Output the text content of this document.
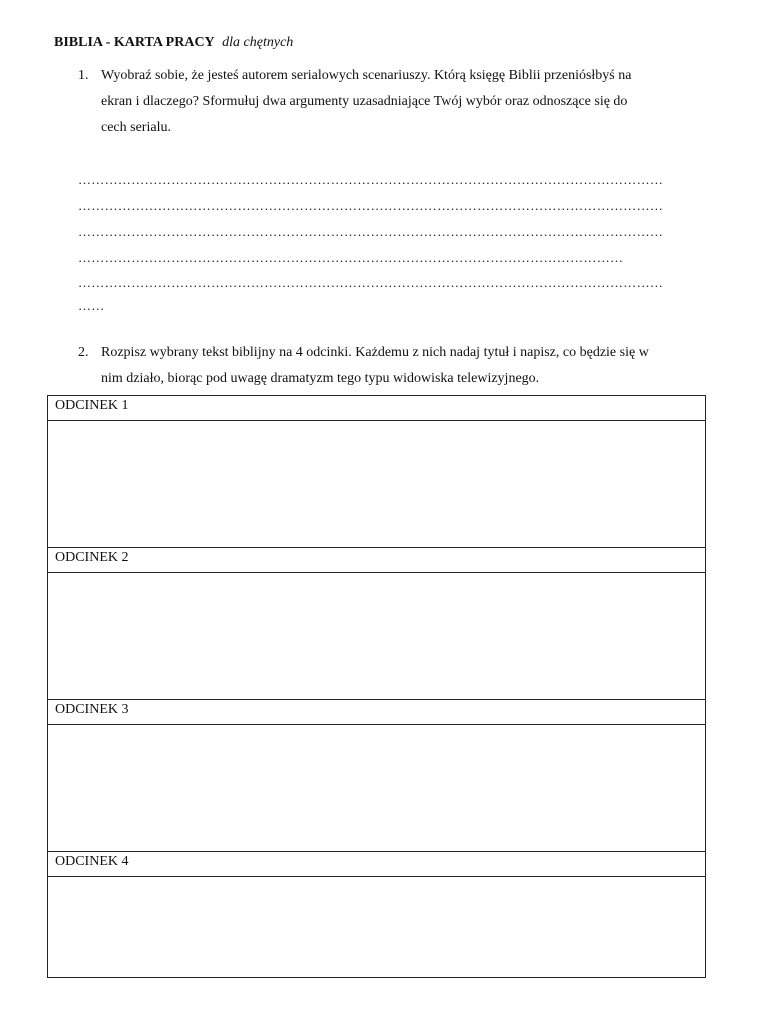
BIBLIA - KARTA PRACY dla chętnych
1. Wyobraź sobie, że jesteś autorem serialowych scenariuszy. Którą księgę Biblii przeniósłbyś na
ekran i dlaczego? Sformułuj dwa argumenty uzasadniające Twój wybór oraz odnoszące się do
cech serialu.
……………………………………………………………………………………………………………………
……………………………………………………………………………………………………………………
……………………………………………………………………………………………………………………
……………………………………………………………………………………………………………
……………………………………………………………………………………………………………………
……
2. Rozpisz wybrany tekst biblijny na 4 odcinki. Każdemu z nich nadaj tytuł i napisz, co będzie się w
nim działo, biorąc pod uwagę dramatyzm tego typu widowiska telewizyjnego.
ODCINEK 1
ODCINEK 2
ODCINEK 3
ODCINEK 4
